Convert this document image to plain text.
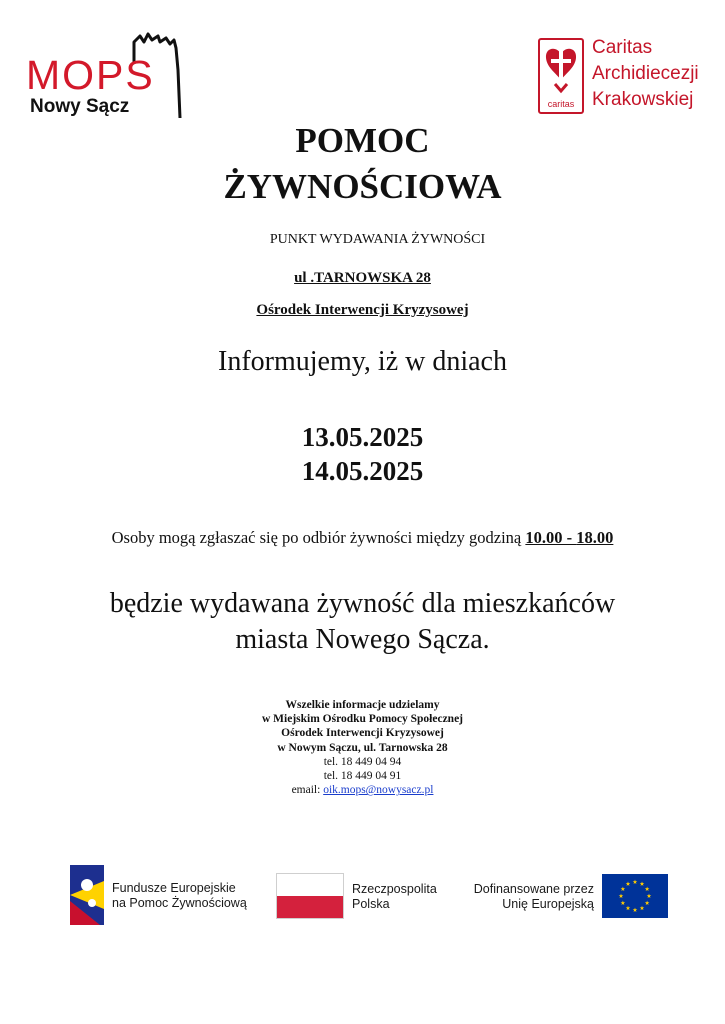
MOPS
Nowy Sącz	caritas
Caritas
Archidiecezji
Krakowskiej
POMOC
ŻYWNOŚCIOWA
PUNKT WYDAWANIA ŻYWNOŚCI
ul .TARNOWSKA 28
Ośrodek Interwencji Kryzysowej
Informujemy, iż w dniach
13.05.2025
14.05.2025
Osoby mogą zgłaszać się po odbiór żywności między godziną 10.00 - 18.00
będzie wydawana żywność dla mieszkańców
miasta Nowego Sącza.
Wszelkie informacje udzielamy
w Miejskim Ośrodku Pomocy Społecznej
Ośrodek Interwencji Kryzysowej
w Nowym Sączu, ul. Tarnowska 28
tel. 18 449 04 94
tel. 18 449 04 91
email: oik.mops@nowysacz.pl
Fundusze Europejskie
na Pomoc Żywnościową
Rzeczpospolita
Polska
Dofinansowane przez
Unię Europejską
